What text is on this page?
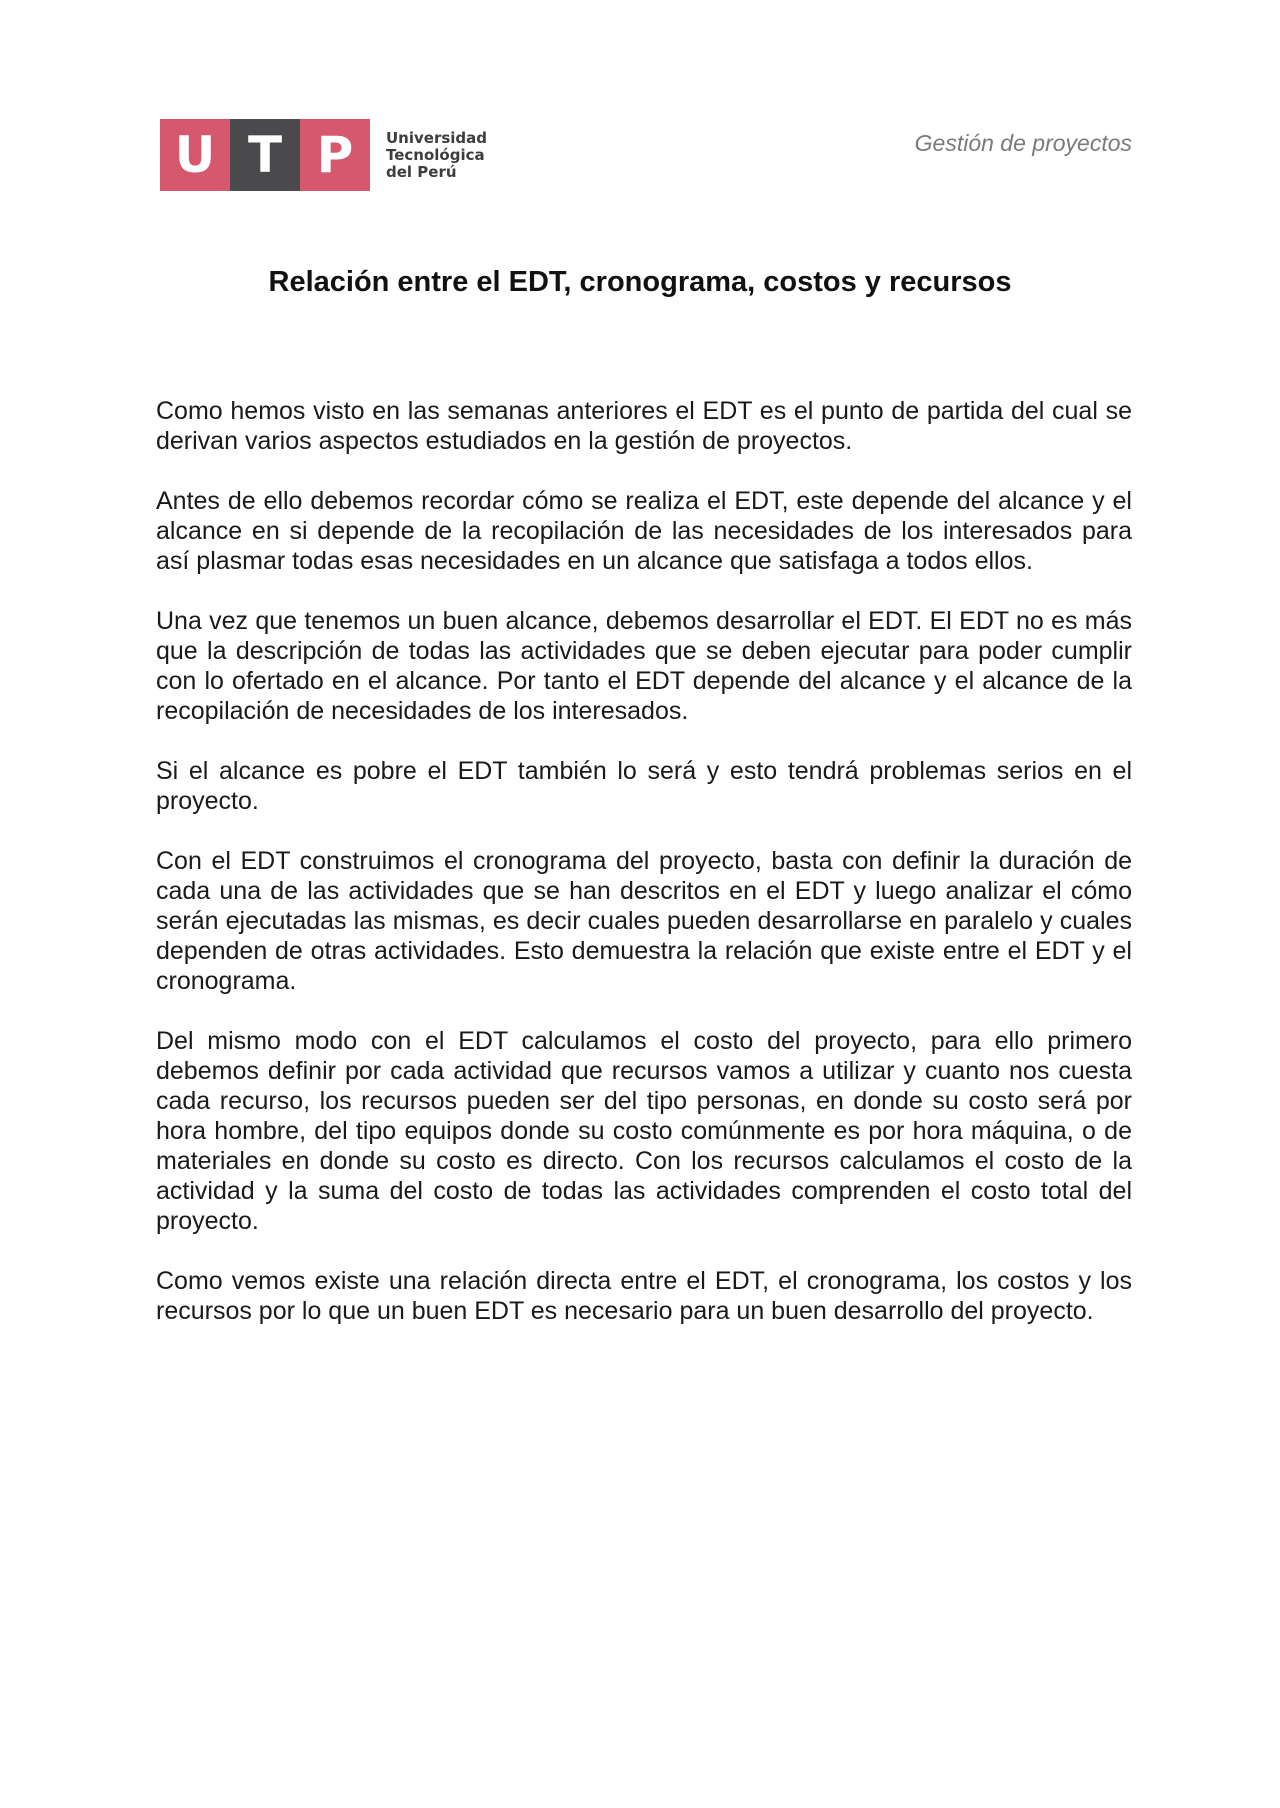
U T P	Universidad
Tecnológica
del Perú
Gestión de proyectos
Relación entre el EDT, cronograma, costos y recursos

Como hemos visto en las semanas anteriores el EDT es el punto de partida del cual se derivan varios aspectos estudiados en la gestión de proyectos.

Antes de ello debemos recordar cómo se realiza el EDT, este depende del alcance y el alcance en si depende de la recopilación de las necesidades de los interesados para así plasmar todas esas necesidades en un alcance que satisfaga a todos ellos.

Una vez que tenemos un buen alcance, debemos desarrollar el EDT. El EDT no es más que la descripción de todas las actividades que se deben ejecutar para poder cumplir con lo ofertado en el alcance. Por tanto el EDT depende del alcance y el alcance de la recopilación de necesidades de los interesados.

Si el alcance es pobre el EDT también lo será y esto tendrá problemas serios en el proyecto.

Con el EDT construimos el cronograma del proyecto, basta con definir la duración de cada una de las actividades que se han descritos en el EDT y luego analizar el cómo serán ejecutadas las mismas, es decir cuales pueden desarrollarse en paralelo y cuales dependen de otras actividades. Esto demuestra la relación que existe entre el EDT y el cronograma.

Del mismo modo con el EDT calculamos el costo del proyecto, para ello primero debemos definir por cada actividad que recursos vamos a utilizar y cuanto nos cuesta cada recurso, los recursos pueden ser del tipo personas, en donde su costo será por hora hombre, del tipo equipos donde su costo comúnmente es por hora máquina, o de materiales en donde su costo es directo. Con los recursos calculamos el costo de la actividad y la suma del costo de todas las actividades comprenden el costo total del proyecto.

Como vemos existe una relación directa entre el EDT, el cronograma, los costos y los recursos por lo que un buen EDT es necesario para un buen desarrollo del proyecto.
